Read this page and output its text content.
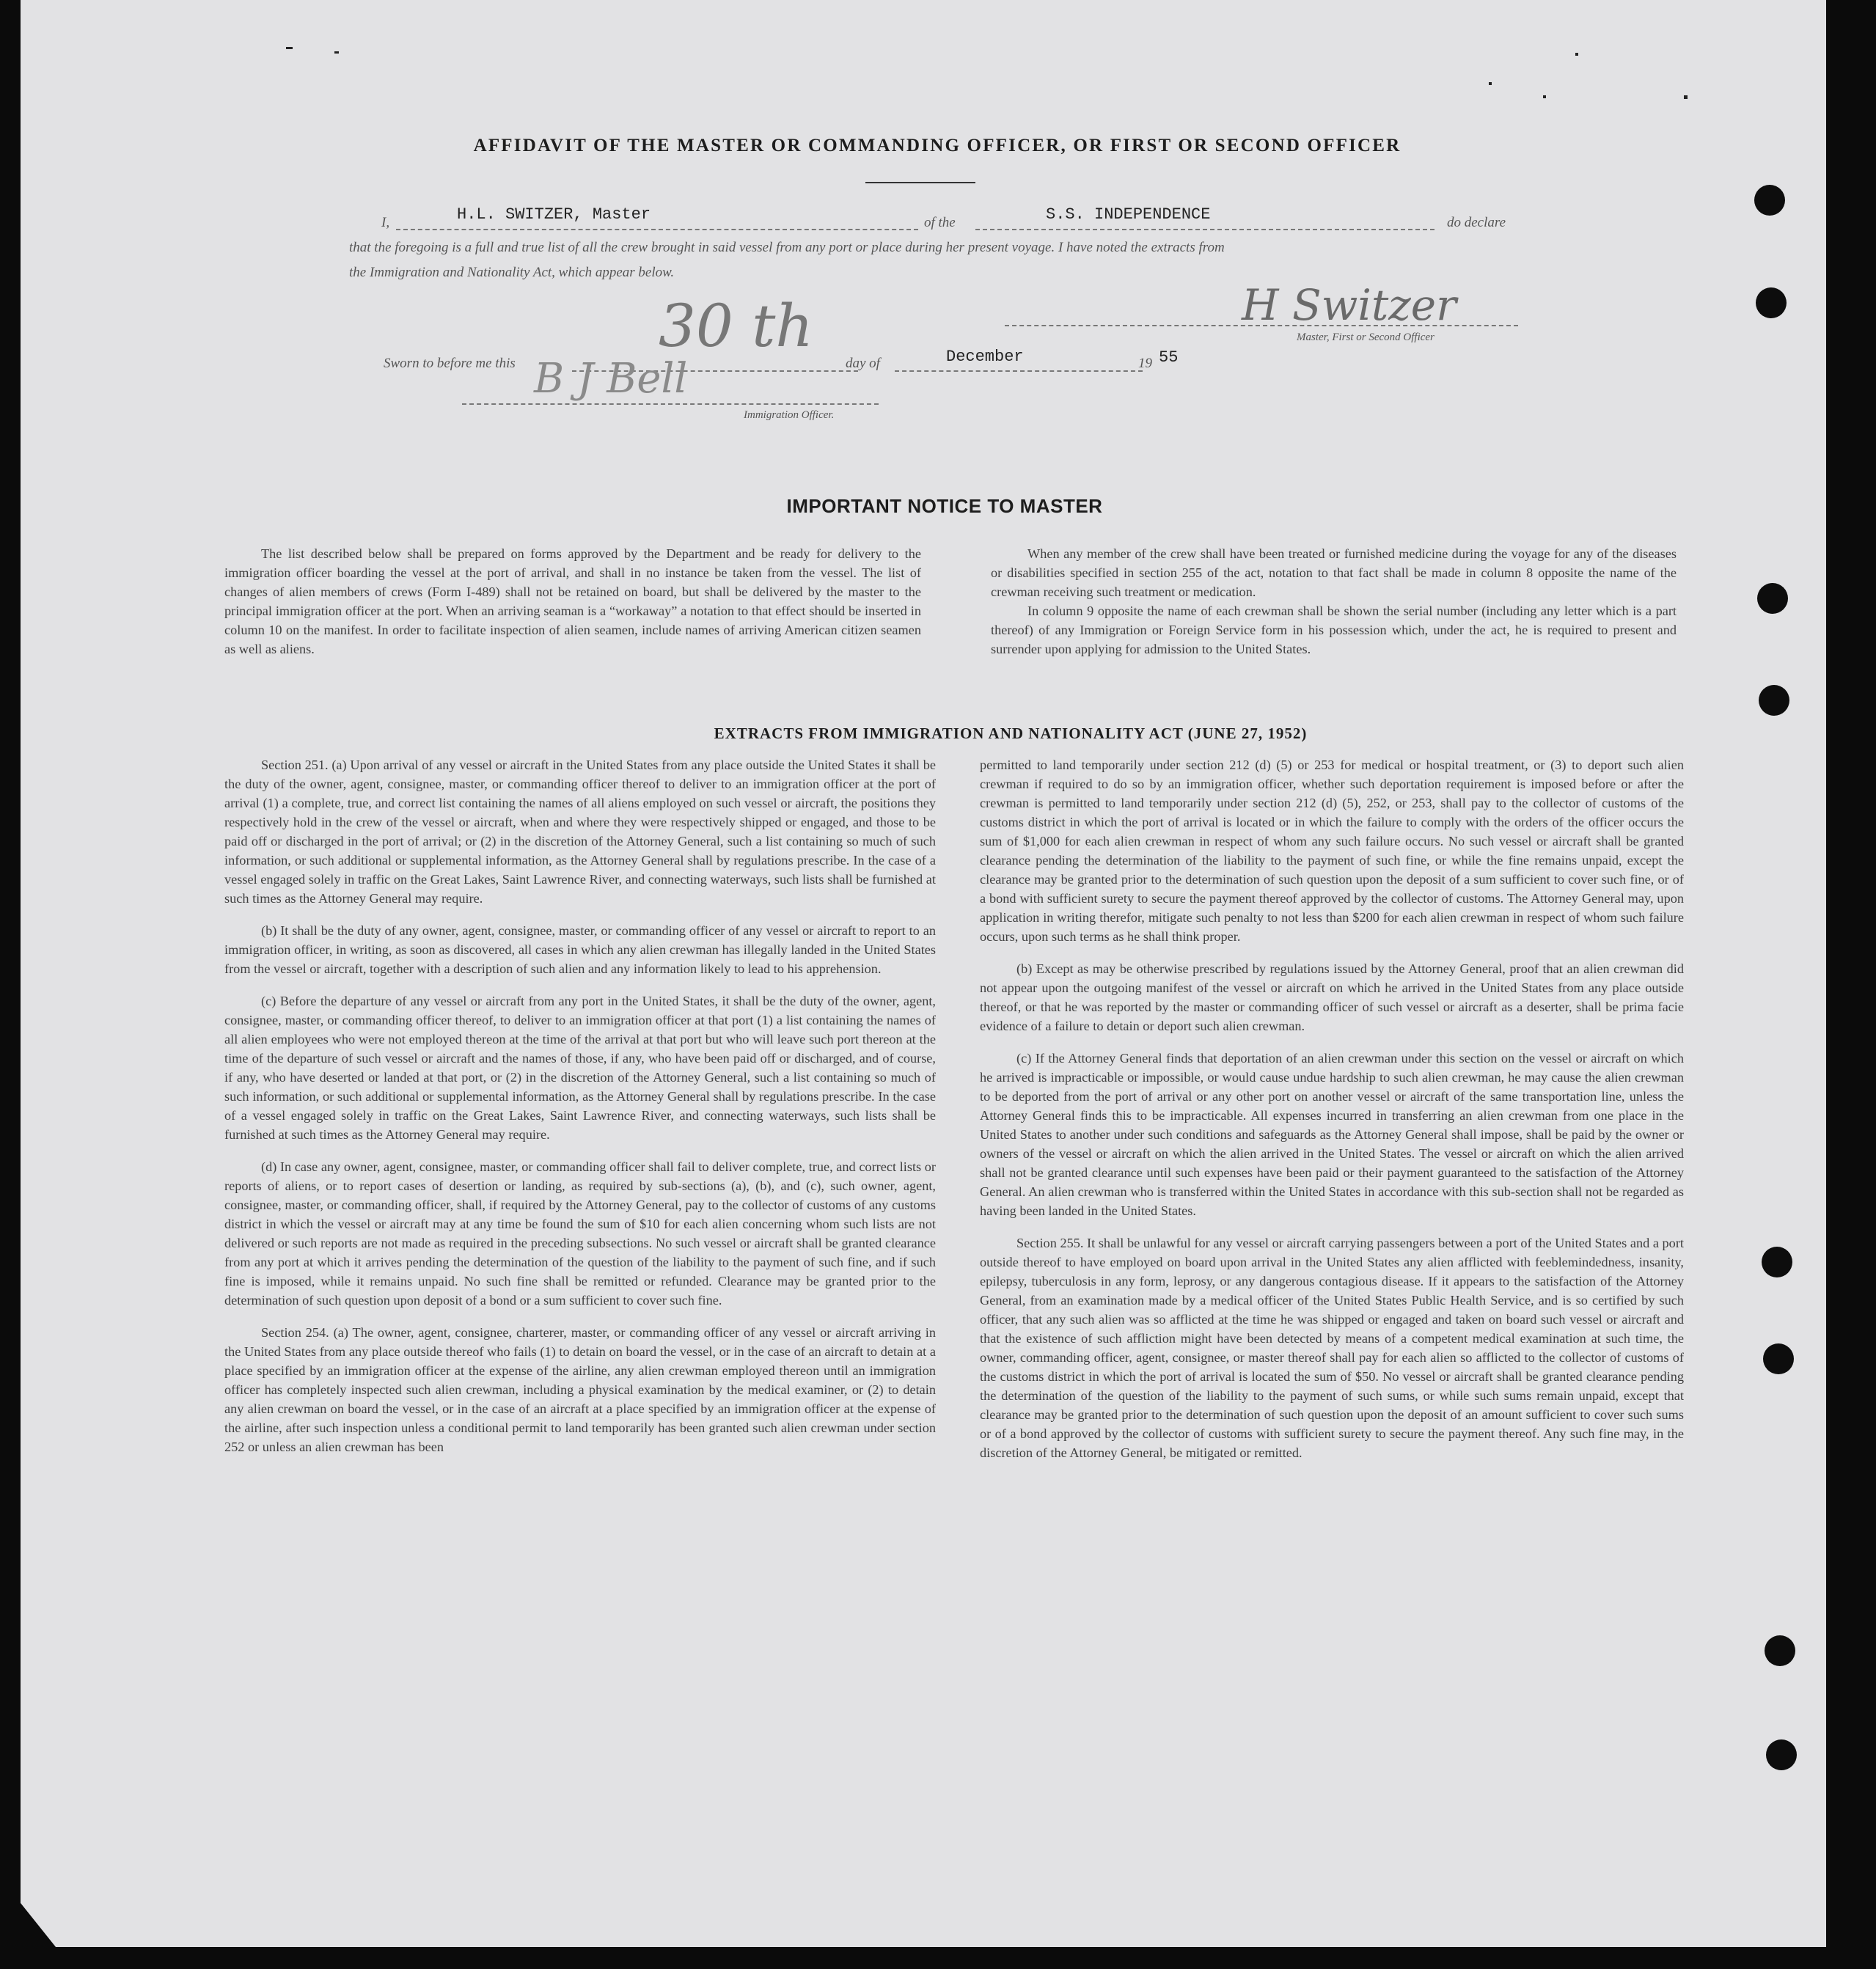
AFFIDAVIT OF THE MASTER OR COMMANDING OFFICER, OR FIRST OR SECOND OFFICER
I,	H.L. SWITZER, Master	of the	S.S. INDEPENDENCE	do declare
that the foregoing is a full and true list of all the crew brought in said vessel from any port or place during her present voyage. I have noted the extracts from
the Immigration and Nationality Act, which appear below.
Sworn to before me this
30 th
day of	December	19 55
H Switzer
Master, First or Second Officer
B J Bell
Immigration Officer.
IMPORTANT NOTICE TO MASTER

The list described below shall be prepared on forms approved by the Department and be ready for delivery to the immigration officer boarding the vessel at the port of arrival, and shall in no instance be taken from the vessel. The list of changes of alien members of crews (Form I-489) shall not be retained on board, but shall be delivered by the master to the principal immigration officer at the port. When an arriving seaman is a “workaway” a notation to that effect should be inserted in column 10 on the manifest. In order to facilitate inspection of alien seamen, include names of arriving American citizen seamen as well as aliens.

When any member of the crew shall have been treated or furnished medicine during the voyage for any of the diseases or disabilities specified in section 255 of the act, notation to that fact shall be made in column 8 opposite the name of the crewman receiving such treatment or medication.

In column 9 opposite the name of each crewman shall be shown the serial number (including any letter which is a part thereof) of any Immigration or Foreign Service form in his possession which, under the act, he is required to present and surrender upon applying for admission to the United States.

EXTRACTS FROM IMMIGRATION AND NATIONALITY ACT (JUNE 27, 1952)

Section 251. (a) Upon arrival of any vessel or aircraft in the United States from any place outside the United States it shall be the duty of the owner, agent, consignee, master, or commanding officer thereof to deliver to an immigration officer at the port of arrival (1) a complete, true, and correct list containing the names of all aliens employed on such vessel or aircraft, the positions they respectively hold in the crew of the vessel or aircraft, when and where they were respectively shipped or engaged, and those to be paid off or discharged in the port of arrival; or (2) in the discretion of the Attorney General, such a list containing so much of such information, or such additional or supplemental information, as the Attorney General shall by regulations prescribe. In the case of a vessel engaged solely in traffic on the Great Lakes, Saint Lawrence River, and connecting waterways, such lists shall be furnished at such times as the Attorney General may require.

(b) It shall be the duty of any owner, agent, consignee, master, or commanding officer of any vessel or aircraft to report to an immigration officer, in writing, as soon as discovered, all cases in which any alien crewman has illegally landed in the United States from the vessel or aircraft, together with a description of such alien and any information likely to lead to his apprehension.

(c) Before the departure of any vessel or aircraft from any port in the United States, it shall be the duty of the owner, agent, consignee, master, or commanding officer thereof, to deliver to an immigration officer at that port (1) a list containing the names of all alien employees who were not employed thereon at the time of the arrival at that port but who will leave such port thereon at the time of the departure of such vessel or aircraft and the names of those, if any, who have been paid off or discharged, and of course, if any, who have deserted or landed at that port, or (2) in the discretion of the Attorney General, such a list containing so much of such information, or such additional or supplemental information, as the Attorney General shall by regulations prescribe. In the case of a vessel engaged solely in traffic on the Great Lakes, Saint Lawrence River, and connecting waterways, such lists shall be furnished at such times as the Attorney General may require.

(d) In case any owner, agent, consignee, master, or commanding officer shall fail to deliver complete, true, and correct lists or reports of aliens, or to report cases of desertion or landing, as required by sub-sections (a), (b), and (c), such owner, agent, consignee, master, or commanding officer, shall, if required by the Attorney General, pay to the collector of customs of any customs district in which the vessel or aircraft may at any time be found the sum of $10 for each alien concerning whom such lists are not delivered or such reports are not made as required in the preceding subsections. No such vessel or aircraft shall be granted clearance from any port at which it arrives pending the determination of the question of the liability to the payment of such fine, and if such fine is imposed, while it remains unpaid. No such fine shall be remitted or refunded. Clearance may be granted prior to the determination of such question upon deposit of a bond or a sum sufficient to cover such fine.

Section 254. (a) The owner, agent, consignee, charterer, master, or commanding officer of any vessel or aircraft arriving in the United States from any place outside thereof who fails (1) to detain on board the vessel, or in the case of an aircraft to detain at a place specified by an immigration officer at the expense of the airline, any alien crewman employed thereon until an immigration officer has completely inspected such alien crewman, including a physical examination by the medical examiner, or (2) to detain any alien crewman on board the vessel, or in the case of an aircraft at a place specified by an immigration officer at the expense of the airline, after such inspection unless a conditional permit to land temporarily has been granted such alien crewman under section 252 or unless an alien crewman has been

permitted to land temporarily under section 212 (d) (5) or 253 for medical or hospital treatment, or (3) to deport such alien crewman if required to do so by an immigration officer, whether such deportation requirement is imposed before or after the crewman is permitted to land temporarily under section 212 (d) (5), 252, or 253, shall pay to the collector of customs of the customs district in which the port of arrival is located or in which the failure to comply with the orders of the officer occurs the sum of $1,000 for each alien crewman in respect of whom any such failure occurs. No such vessel or aircraft shall be granted clearance pending the determination of the liability to the payment of such fine, or while the fine remains unpaid, except the clearance may be granted prior to the determination of such question upon the deposit of a sum sufficient to cover such fine, or of a bond with sufficient surety to secure the payment thereof approved by the collector of customs. The Attorney General may, upon application in writing therefor, mitigate such penalty to not less than $200 for each alien crewman in respect of whom such failure occurs, upon such terms as he shall think proper.

(b) Except as may be otherwise prescribed by regulations issued by the Attorney General, proof that an alien crewman did not appear upon the outgoing manifest of the vessel or aircraft on which he arrived in the United States from any place outside thereof, or that he was reported by the master or commanding officer of such vessel or aircraft as a deserter, shall be prima facie evidence of a failure to detain or deport such alien crewman.

(c) If the Attorney General finds that deportation of an alien crewman under this section on the vessel or aircraft on which he arrived is impracticable or impossible, or would cause undue hardship to such alien crewman, he may cause the alien crewman to be deported from the port of arrival or any other port on another vessel or aircraft of the same transportation line, unless the Attorney General finds this to be impracticable. All expenses incurred in transferring an alien crewman from one place in the United States to another under such conditions and safeguards as the Attorney General shall impose, shall be paid by the owner or owners of the vessel or aircraft on which the alien arrived in the United States. The vessel or aircraft on which the alien arrived shall not be granted clearance until such expenses have been paid or their payment guaranteed to the satisfaction of the Attorney General. An alien crewman who is transferred within the United States in accordance with this sub-section shall not be regarded as having been landed in the United States.

Section 255. It shall be unlawful for any vessel or aircraft carrying passengers between a port of the United States and a port outside thereof to have employed on board upon arrival in the United States any alien afflicted with feeblemindedness, insanity, epilepsy, tuberculosis in any form, leprosy, or any dangerous contagious disease. If it appears to the satisfaction of the Attorney General, from an examination made by a medical officer of the United States Public Health Service, and is so certified by such officer, that any such alien was so afflicted at the time he was shipped or engaged and taken on board such vessel or aircraft and that the existence of such affliction might have been detected by means of a competent medical examination at such time, the owner, commanding officer, agent, consignee, or master thereof shall pay for each alien so afflicted to the collector of customs of the customs district in which the port of arrival is located the sum of $50. No vessel or aircraft shall be granted clearance pending the determination of the question of the liability to the payment of such sums, or while such sums remain unpaid, except that clearance may be granted prior to the determination of such question upon the deposit of an amount sufficient to cover such sums or of a bond approved by the collector of customs with sufficient surety to secure the payment thereof. Any such fine may, in the discretion of the Attorney General, be mitigated or remitted.
